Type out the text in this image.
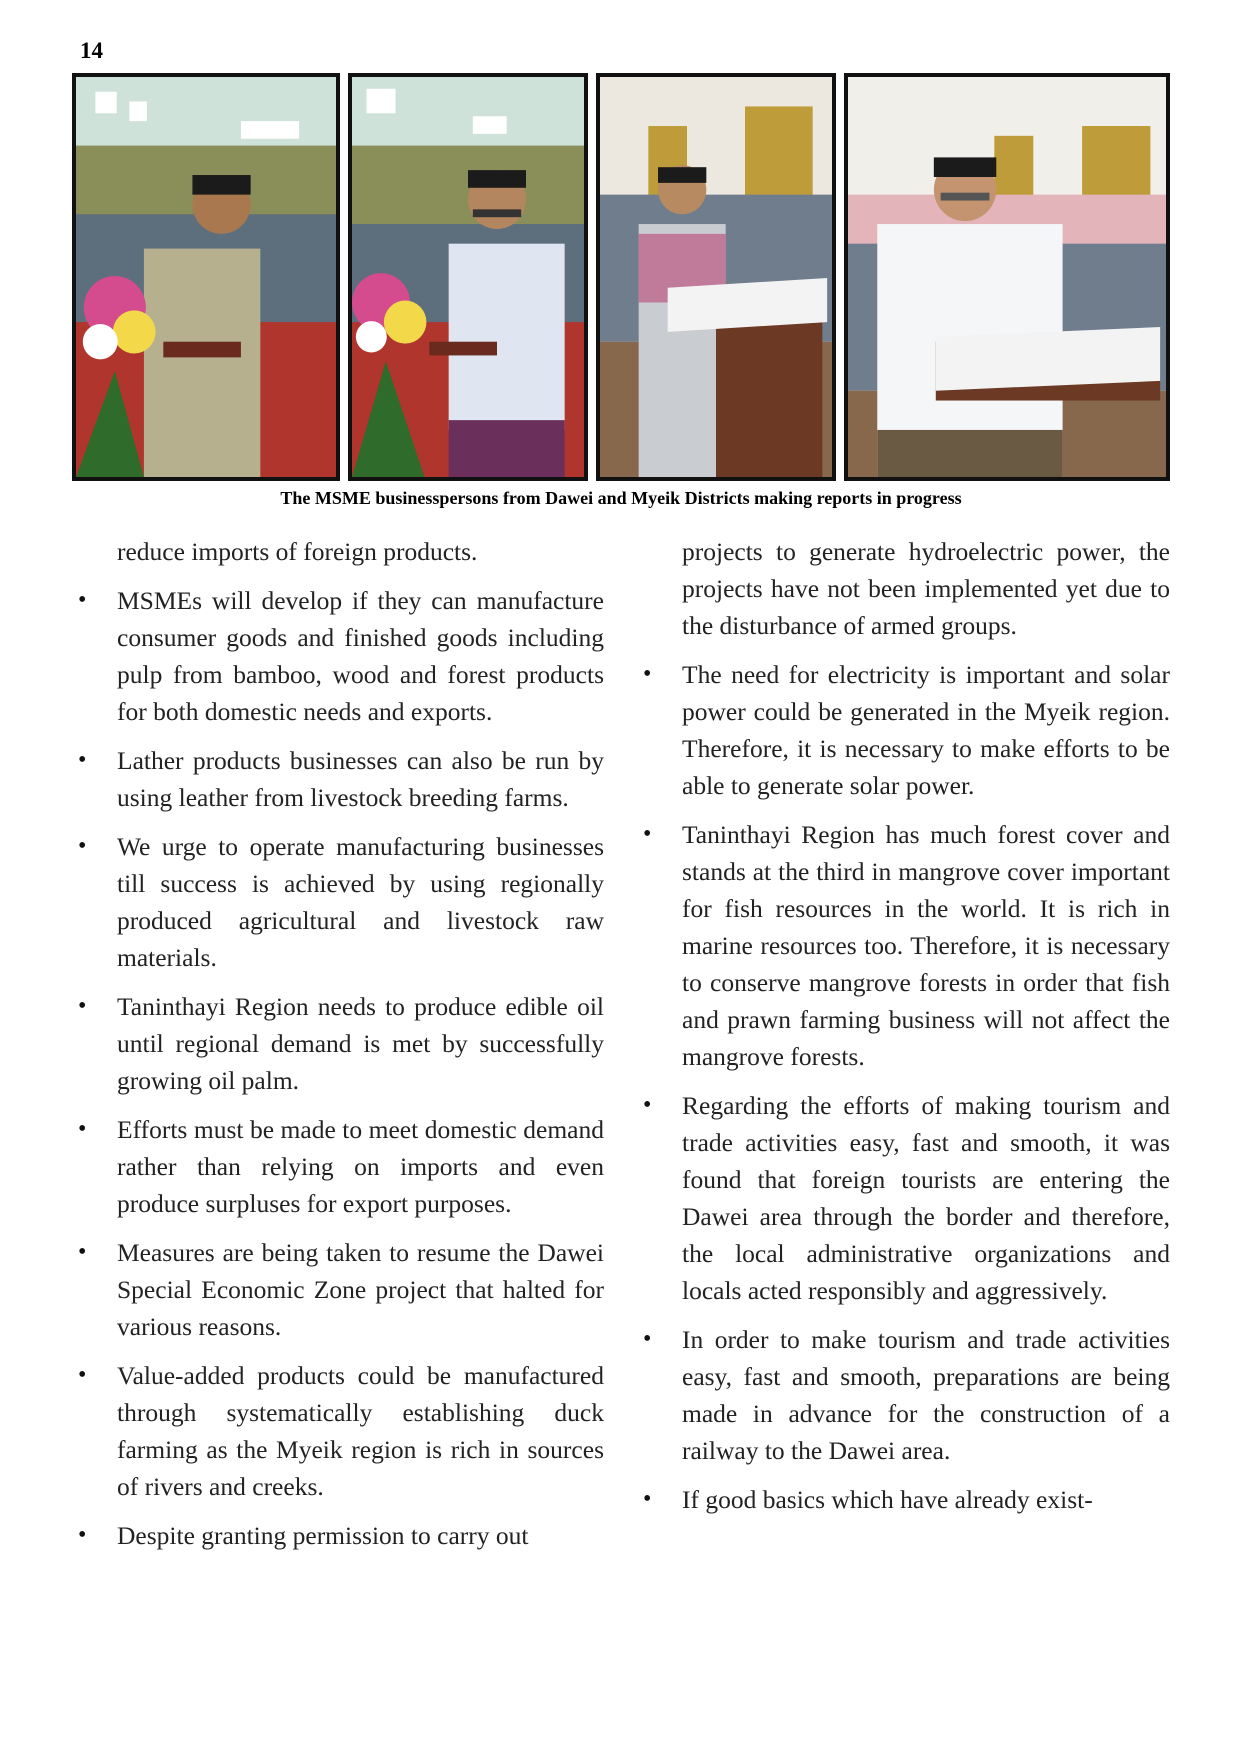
14
The MSME businesspersons from Dawei and Myeik Districts making reports in progress

reduce imports of foreign products.

• MSMEs will develop if they can manufacture consumer goods and finished goods including pulp from bamboo, wood and forest products for both domestic needs and exports.
• Lather products businesses can also be run by using leather from livestock breeding farms.
• We urge to operate manufacturing businesses till success is achieved by using regionally produced agricultural and livestock raw materials.
• Taninthayi Region needs to produce edible oil until regional demand is met by successfully growing oil palm.
• Efforts must be made to meet domestic demand rather than relying on imports and even produce surpluses for export purposes.
• Measures are being taken to resume the Dawei Special Economic Zone project that halted for various reasons.
• Value-added products could be manufactured through systematically establishing duck farming as the Myeik region is rich in sources of rivers and creeks.
• Despite granting permission to carry out

projects to generate hydroelectric power, the projects have not been implemented yet due to the disturbance of armed groups.

• The need for electricity is important and solar power could be generated in the Myeik region. Therefore, it is necessary to make efforts to be able to generate solar power.
• Taninthayi Region has much forest cover and stands at the third in mangrove cover important for fish resources in the world. It is rich in marine resources too. Therefore, it is necessary to conserve mangrove forests in order that fish and prawn farming business will not affect the mangrove forests.
• Regarding the efforts of making tourism and trade activities easy, fast and smooth, it was found that foreign tourists are entering the Dawei area through the border and therefore, the local administrative organizations and locals acted responsibly and aggressively.
• In order to make tourism and trade activities easy, fast and smooth, preparations are being made in advance for the construction of a railway to the Dawei area.
• If good basics which have already exist-
